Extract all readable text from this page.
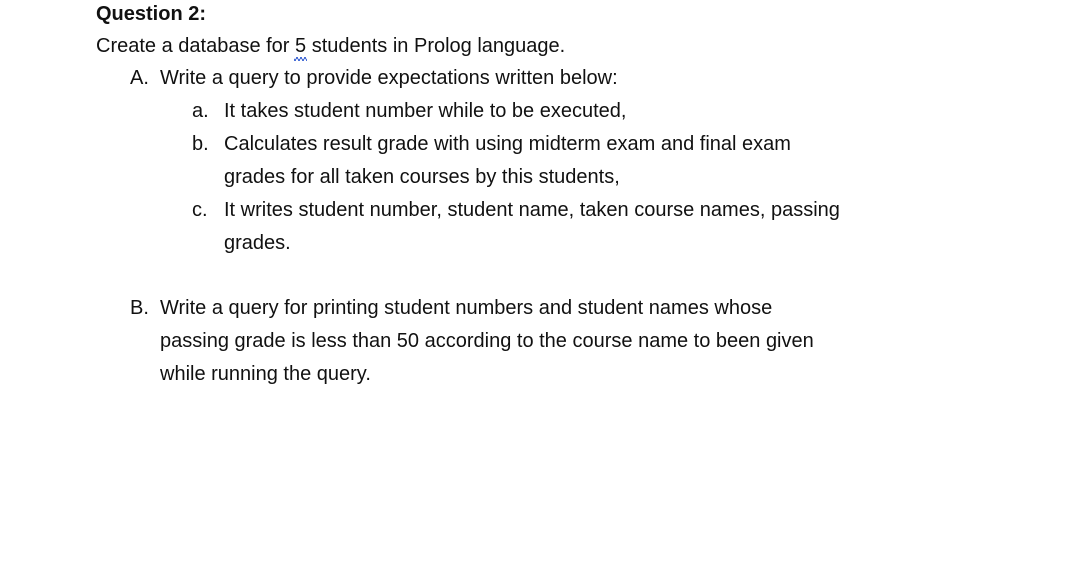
Question 2:
Create a database for 5 students in Prolog language.
A. Write a query to provide expectations written below:
a. It takes student number while to be executed,
b. Calculates result grade with using midterm exam and final exam
grades for all taken courses by this students,
c. It writes student number, student name, taken course names, passing
grades.
B. Write a query for printing student numbers and student names whose
passing grade is less than 50 according to the course name to been given
while running the query.
